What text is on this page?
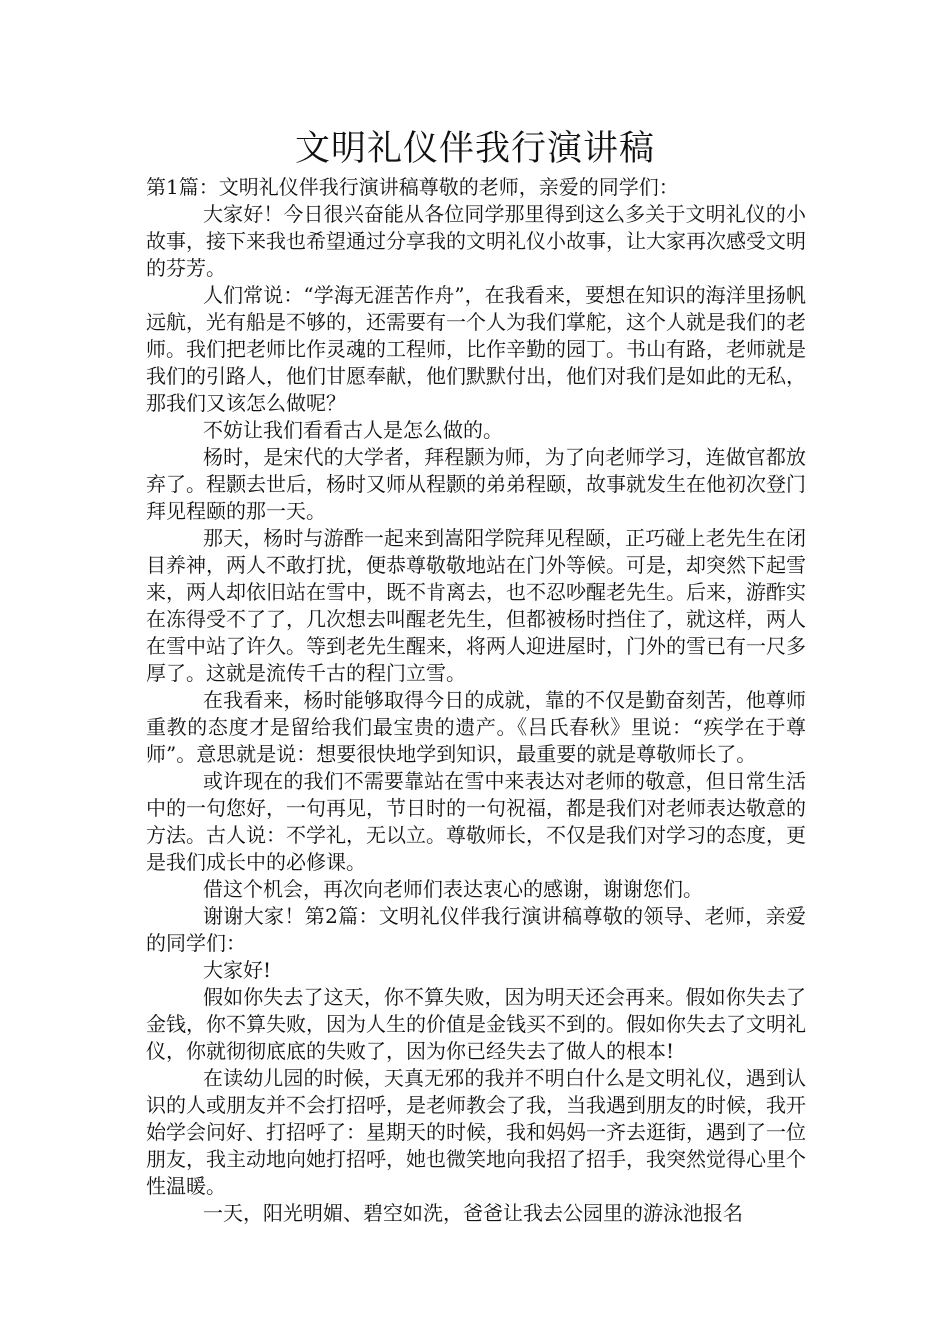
文明礼仪伴我行演讲稿

第1篇：文明礼仪伴我行演讲稿尊敬的老师，亲爱的同学们：

大家好！今日很兴奋能从各位同学那里得到这么多关于文明礼仪的小故事，接下来我也希望通过分享我的文明礼仪小故事，让大家再次感受文明的芬芳。

人们常说：“学海无涯苦作舟”，在我看来，要想在知识的海洋里扬帆远航，光有船是不够的，还需要有一个人为我们掌舵，这个人就是我们的老师。我们把老师比作灵魂的工程师，比作辛勤的园丁。书山有路，老师就是我们的引路人，他们甘愿奉献，他们默默付出，他们对我们是如此的无私，那我们又该怎么做呢？

不妨让我们看看古人是怎么做的。

杨时，是宋代的大学者，拜程颢为师，为了向老师学习，连做官都放弃了。程颢去世后，杨时又师从程颢的弟弟程颐，故事就发生在他初次登门拜见程颐的那一天。

那天，杨时与游酢一起来到嵩阳学院拜见程颐，正巧碰上老先生在闭目养神，两人不敢打扰，便恭尊敬敬地站在门外等候。可是，却突然下起雪来，两人却依旧站在雪中，既不肯离去，也不忍吵醒老先生。后来，游酢实在冻得受不了了，几次想去叫醒老先生，但都被杨时挡住了，就这样，两人在雪中站了许久。等到老先生醒来，将两人迎进屋时，门外的雪已有一尺多厚了。这就是流传千古的程门立雪。

在我看来，杨时能够取得今日的成就，靠的不仅是勤奋刻苦，他尊师重教的态度才是留给我们最宝贵的遗产。《吕氏春秋》里说：“疾学在于尊师”。意思就是说：想要很快地学到知识，最重要的就是尊敬师长了。

或许现在的我们不需要靠站在雪中来表达对老师的敬意，但日常生活中的一句您好，一句再见，节日时的一句祝福，都是我们对老师表达敬意的方法。古人说：不学礼，无以立。尊敬师长，不仅是我们对学习的态度，更是我们成长中的必修课。

借这个机会，再次向老师们表达衷心的感谢，谢谢您们。

谢谢大家！第2篇：文明礼仪伴我行演讲稿尊敬的领导、老师，亲爱的同学们：

大家好!

假如你失去了这天，你不算失败，因为明天还会再来。假如你失去了金钱，你不算失败，因为人生的价值是金钱买不到的。假如你失去了文明礼仪，你就彻彻底底的失败了，因为你已经失去了做人的根本!

在读幼儿园的时候，天真无邪的我并不明白什么是文明礼仪，遇到认识的人或朋友并不会打招呼，是老师教会了我，当我遇到朋友的时候，我开始学会问好、打招呼了：星期天的时候，我和妈妈一齐去逛街，遇到了一位朋友，我主动地向她打招呼，她也微笑地向我招了招手，我突然觉得心里个性温暖。

一天，阳光明媚、碧空如洗，爸爸让我去公园里的游泳池报名
